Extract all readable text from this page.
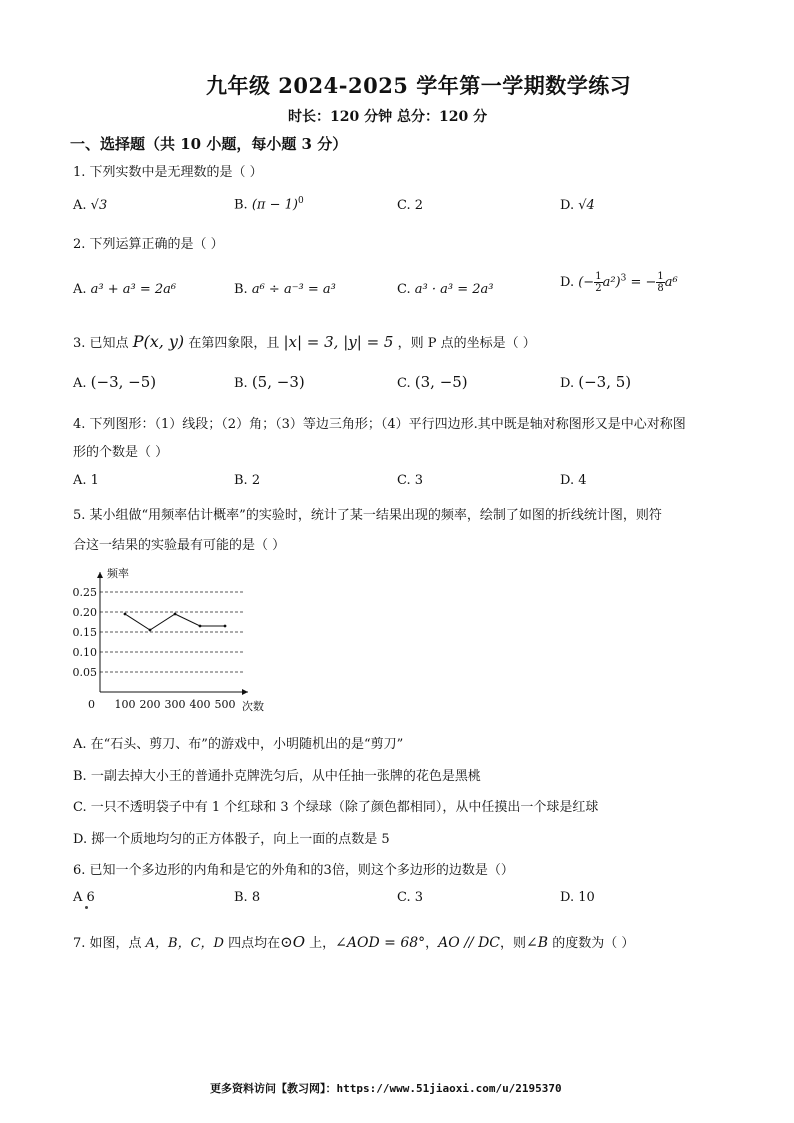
九年级 2024-2025 学年第一学期数学练习
时长：120 分钟 总分：120 分
一、选择题（共 10 小题，每小题 3 分）
1. 下列实数中是无理数的是（ ）
A. √3	B. $(\pi - 1)^0$	C. 2	D. √4
2. 下列运算正确的是（ ）
A. a³ + a³ = 2a⁶	B. a⁶ ÷ a⁻³ = a³	C. a³ · a³ = 2a³	D. (− $\frac{1}{2} a^2)^3$ = − $\frac{1}{8} a^6$
3. 已知点 P(x, y) 在第四象限，且 |x| = 3, |y| = 5 ，则 P 点的坐标是（ ）
A. (−3, −5)	B. (5, −3)	C. (3, −5)	D. (−3, 5)
4. 下列图形：（1）线段；（2）角；（3）等边三角形；（4）平行四边形.其中既是轴对称图形又是中心对称图
形的个数是（ ）
A. 1	B. 2	C. 3	D. 4
5. 某小组做“用频率估计概率”的实验时，统计了某一结果出现的频率，绘制了如图的折线统计图，则符
合这一结果的实验最有可能的是（ ）
0.05
0.10
0.15
0.20
0.25
频率
次数
0 100 200 300 400 500
A. 在“石头、剪刀、布”的游戏中，小明随机出的是“剪刀”
B. 一副去掉大小王的普通扑克牌洗匀后，从中任抽一张牌的花色是黑桃
C. 一只不透明袋子中有 1 个红球和 3 个绿球（除了颜色都相同），从中任摸出一个球是红球
D. 掷一个质地均匀的正方体骰子，向上一面的点数是 5
6. 已知一个多边形的内角和是它的外角和的3倍，则这个多边形的边数是（）
A 6	B. 8	C. 3	D. 10
7. 如图，点 A，B，C，D 四点均在⊙O 上，∠AOD = 68°，AO // DC，则∠B 的度数为（ ）
更多资料访问【教习网】：https://www.51jiaoxi.com/u/2195370
